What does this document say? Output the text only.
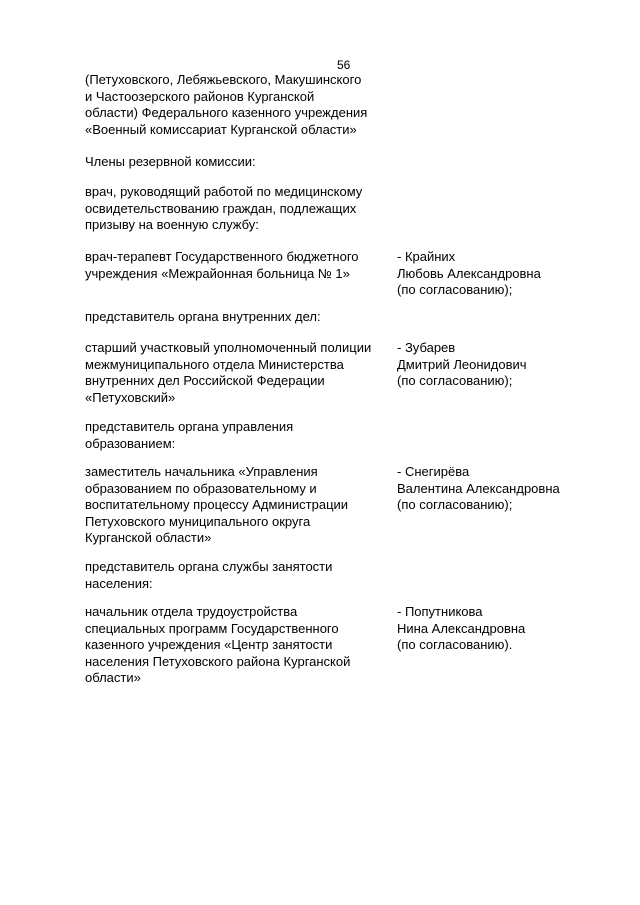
56
(Петуховского, Лебяжьевского, Макушинского
и Частоозерского районов Курганской
области) Федерального казенного учреждения
«Военный комиссариат Курганской области»
Члены резервной комиссии:
врач, руководящий работой по медицинскому
освидетельствованию граждан, подлежащих
призыву на военную службу:
врач-терапевт Государственного бюджетного
учреждения «Межрайонная больница № 1»
- Крайних
Любовь Александровна
(по согласованию);
представитель органа внутренних дел:
старший участковый уполномоченный полиции
межмуниципального отдела Министерства
внутренних дел Российской Федерации
«Петуховский»
- Зубарев
Дмитрий Леонидович
(по согласованию);
представитель органа управления
образованием:
заместитель начальника «Управления
образованием по образовательному и
воспитательному процессу Администрации
Петуховского муниципального округа
Курганской области»
- Снегирёва
Валентина Александровна
(по согласованию);
представитель органа службы занятости
населения:
начальник отдела трудоустройства
специальных программ Государственного
казенного учреждения «Центр занятости
населения Петуховского района Курганской
области»
- Попутникова
Нина Александровна
(по согласованию).
